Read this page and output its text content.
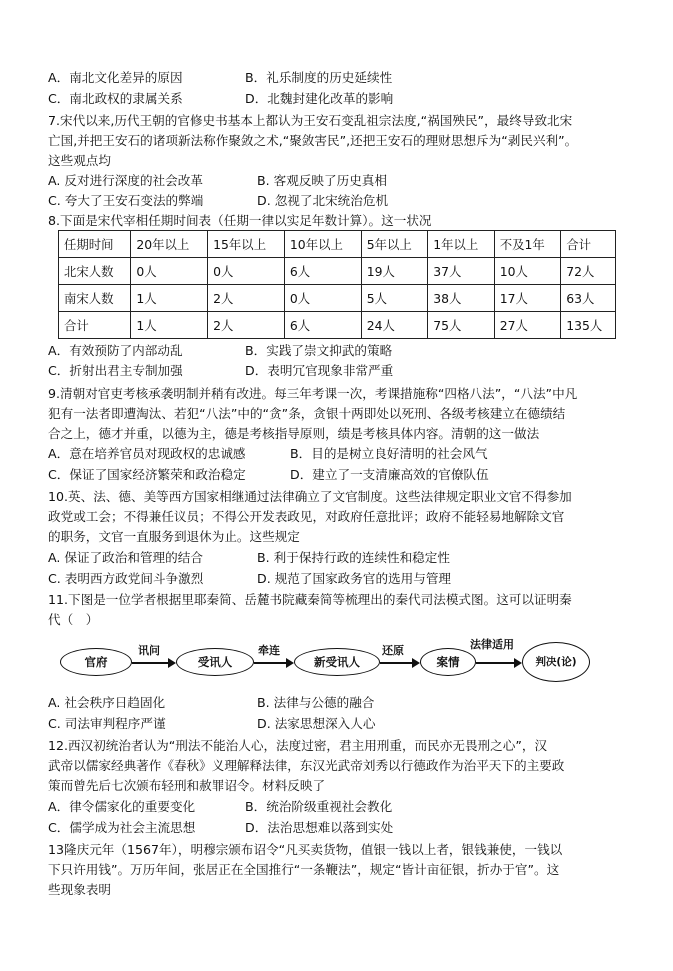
A．南北文化差异的原因	B．礼乐制度的历史延续性
C．南北政权的隶属关系	D．北魏封建化改革的影响
7.宋代以来,历代王朝的官修史书基本上都认为王安石变乱祖宗法度,“祸国殃民”，最终导致北宋
亡国,并把王安石的诸项新法称作聚敛之术,“聚敛害民”,还把王安石的理财思想斥为“剥民兴利”。
这些观点均
A. 反对进行深度的社会改革	B. 客观反映了历史真相
C. 夸大了王安石变法的弊端	D. 忽视了北宋统治危机
8.下面是宋代宰相任期时间表（任期一律以实足年数计算）。这一状况
任期时间	20年以上	15年以上	10年以上	5年以上	1年以上	不及1年	合计
北宋人数	0人	0人	6人	19人	37人	10人	72人
南宋人数	1人	2人	0人	5人	38人	17人	63人
合计	1人	2人	6人	24人	75人	27人	135人
A．有效预防了内部动乱	B．实践了崇文抑武的策略
C．折射出君主专制加强	D．表明冗官现象非常严重
9.清朝对官吏考核承袭明制并稍有改进。每三年考课一次，考课措施称“四格八法”，“八法”中凡
犯有一法者即遭淘汰、若犯“八法”中的“贪”条，贪银十两即处以死刑、各级考核建立在德绩结
合之上，德才并重，以德为主，德是考核指导原则，绩是考核具体内容。清朝的这一做法
A．意在培养官员对现政权的忠诚感	B．目的是树立良好清明的社会风气
C．保证了国家经济繁荣和政治稳定	D．建立了一支清廉高效的官僚队伍
10.英、法、德、美等西方国家相继通过法律确立了文官制度。这些法律规定职业文官不得参加
政党或工会；不得兼任议员；不得公开发表政见，对政府任意批评；政府不能轻易地解除文官
的职务，文官一直服务到退休为止。这些规定
A. 保证了政治和管理的结合	B. 利于保持行政的连续性和稳定性
C. 表明西方政党间斗争激烈	D. 规范了国家政务官的选用与管理
11.下图是一位学者根据里耶秦简、岳麓书院藏秦简等梳理出的秦代司法模式图。这可以证明秦
代（　）
官府
讯问
受讯人
牵连
新受讯人
还原
案情
法律适用
判决(论)
A. 社会秩序日趋固化	B. 法律与公德的融合
C. 司法审判程序严谨	D. 法家思想深入人心
12.西汉初统治者认为“刑法不能治人心，法度过密，君主用刑重，而民亦无畏刑之心”，汉
武帝以儒家经典著作《春秋》义理解释法律，东汉光武帝刘秀以行德政作为治平天下的主要政
策而曾先后七次颁布轻刑和赦罪诏令。材料反映了
A．律令儒家化的重要变化	B．统治阶级重视社会教化
C．儒学成为社会主流思想	D．法治思想难以落到实处
13隆庆元年（1567年），明穆宗颁布诏令“凡买卖货物，值银一钱以上者，银钱兼使，一钱以
下只许用钱”。万历年间，张居正在全国推行“一条鞭法”，规定“皆计亩征银，折办于官”。这
些现象表明
